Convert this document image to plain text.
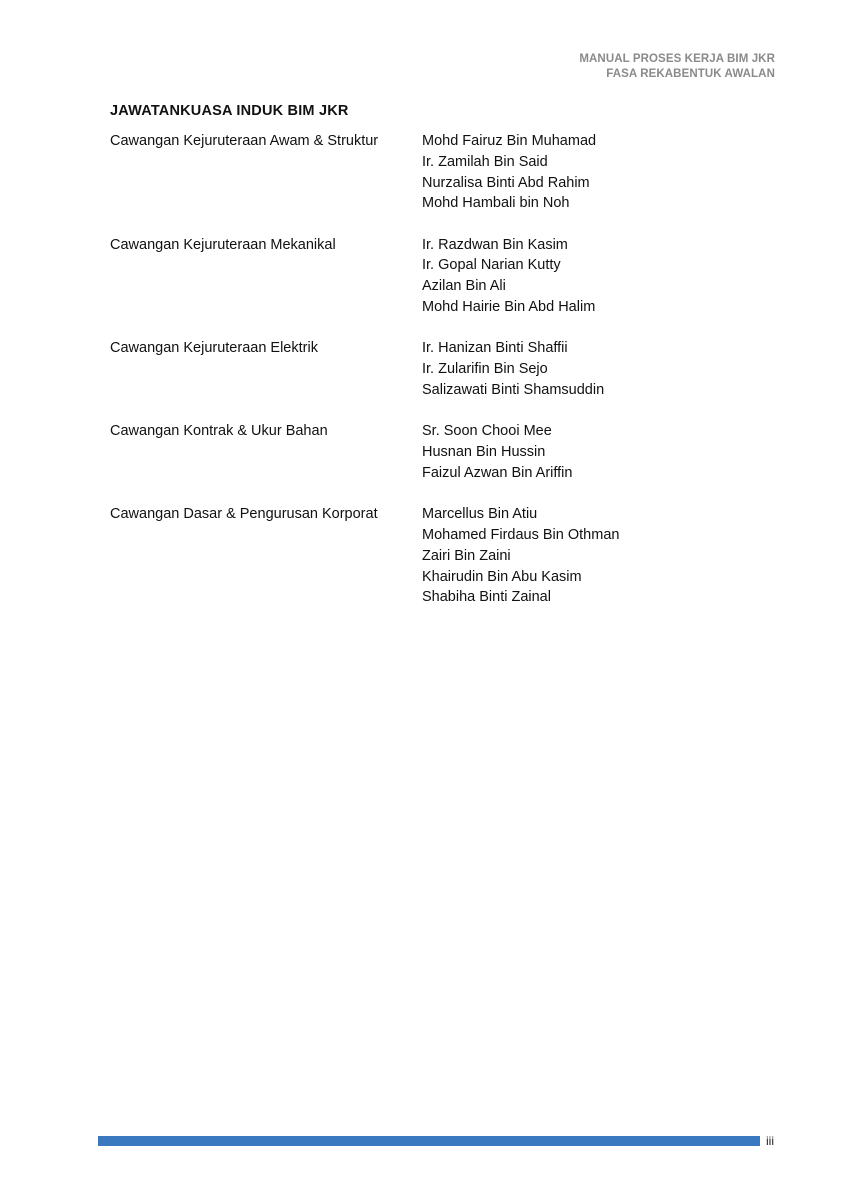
MANUAL PROSES KERJA BIM JKR
FASA REKABENTUK AWALAN
JAWATANKUASA INDUK BIM JKR
Cawangan Kejuruteraan Awam & Struktur	Mohd Fairuz Bin Muhamad
Ir. Zamilah Bin Said
Nurzalisa Binti Abd Rahim
Mohd Hambali bin Noh
Cawangan Kejuruteraan Mekanikal	Ir. Razdwan Bin Kasim
Ir. Gopal Narian Kutty
Azilan Bin Ali
Mohd Hairie Bin Abd Halim
Cawangan Kejuruteraan Elektrik	Ir. Hanizan Binti Shaffii
Ir. Zularifin Bin Sejo
Salizawati Binti Shamsuddin
Cawangan Kontrak & Ukur Bahan	Sr. Soon Chooi Mee
Husnan Bin Hussin
Faizul Azwan Bin Ariffin
Cawangan Dasar & Pengurusan Korporat	Marcellus Bin Atiu
Mohamed Firdaus Bin Othman
Zairi Bin Zaini
Khairudin Bin Abu Kasim
Shabiha Binti Zainal
iii
